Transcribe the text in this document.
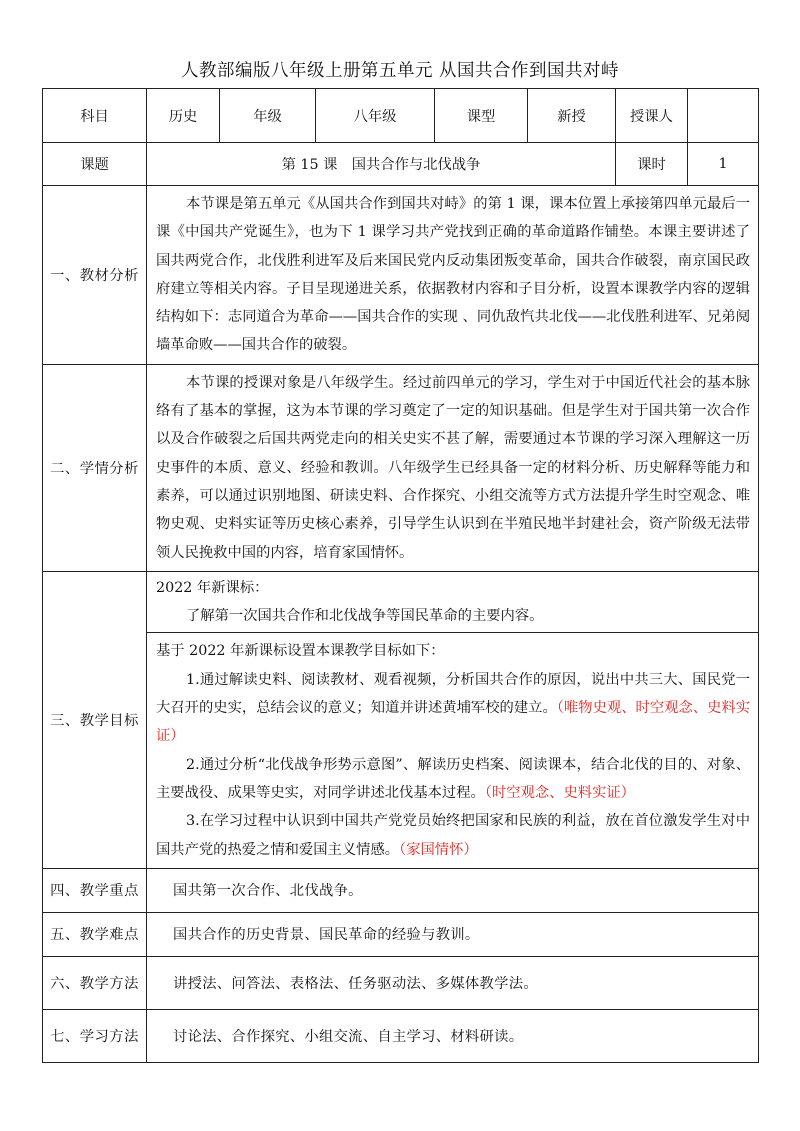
人教部编版八年级上册第五单元 从国共合作到国共对峙
科目	历史	年级	八年级	课型	新授	授课人	
课题	第 15 课　国共合作与北伐战争					课时	1
一、教材分析	本节课是第五单元《从国共合作到国共对峙》的第 1 课，课本位置上承接第四单元最后一课《中国共产党诞生》，也为下 1 课学习共产党找到正确的革命道路作铺垫。本课主要讲述了国共两党合作，北伐胜利进军及后来国民党内反动集团叛变革命，国共合作破裂，南京国民政府建立等相关内容。子目呈现递进关系，依据教材内容和子目分析，设置本课教学内容的逻辑结构如下：志同道合为革命——国共合作的实现 、同仇敌忾共北伐——北伐胜利进军、兄弟阋墙革命败——国共合作的破裂。						

二、学情分析	本节课的授课对象是八年级学生。经过前四单元的学习，学生对于中国近代社会的基本脉络有了基本的掌握，这为本节课的学习奠定了一定的知识基础。但是学生对于国共第一次合作以及合作破裂之后国共两党走向的相关史实不甚了解，需要通过本节课的学习深入理解这一历史事件的本质、意义、经验和教训。八年级学生已经具备一定的材料分析、历史解释等能力和素养，可以通过识别地图、研读史料、合作探究、小组交流等方式方法提升学生时空观念、唯物史观、史料实证等历史核心素养，引导学生认识到在半殖民地半封建社会，资产阶级无法带领人民挽救中国的内容，培育家国情怀。						

三、教学目标	2022 年新课标：

了解第一次国共合作和北伐战争等国民革命的主要内容。						

	基于 2022 年新课标设置本课教学目标如下：

1.通过解读史料、阅读教材、观看视频，分析国共合作的原因，说出中共三大、国民党一大召开的史实，总结会议的意义；知道并讲述黄埔军校的建立。（唯物史观、时空观念、史料实证）

2.通过分析“北伐战争形势示意图”、解读历史档案、阅读课本，结合北伐的目的、对象、主要战役、成果等史实，对同学讲述北伐基本过程。（时空观念、史料实证）

3.在学习过程中认识到中国共产党党员始终把国家和民族的利益，放在首位激发学生对中国共产党的热爱之情和爱国主义情感。（家国情怀）						

四、教学重点	国共第一次合作、北伐战争。						
五、教学难点	国共合作的历史背景、国民革命的经验与教训。						
六、教学方法	讲授法、问答法、表格法、任务驱动法、多媒体教学法。						
七、学习方法	讨论法、合作探究、小组交流、自主学习、材料研读。						
